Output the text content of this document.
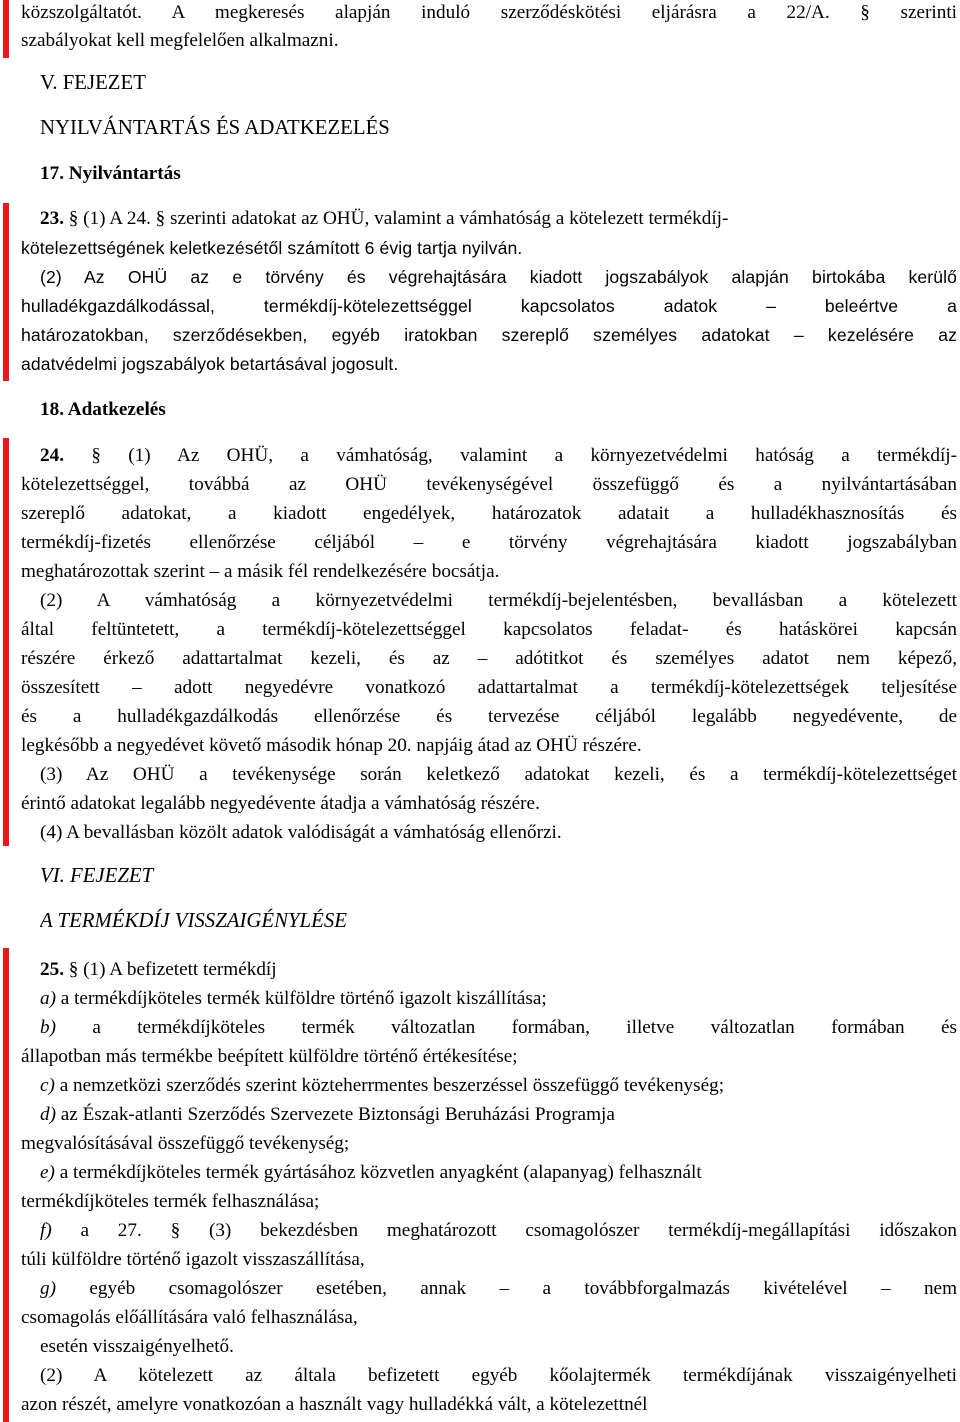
közszolgáltatót. A megkeresés alapján induló szerződéskötési eljárásra a 22/A. § szerinti
szabályokat kell megfelelően alkalmazni.
V. FEJEZET
NYILVÁNTARTÁS ÉS ADATKEZELÉS
17. Nyilvántartás
23. § (1) A 24. § szerinti adatokat az OHÜ, valamint a vámhatóság a kötelezett termékdíj-
kötelezettségének keletkezésétől számított 6 évig tartja nyilván.
(2) Az OHÜ az e törvény és végrehajtására kiadott jogszabályok alapján birtokába kerülő
hulladékgazdálkodással, termékdíj-kötelezettséggel kapcsolatos adatok – beleértve a
határozatokban, szerződésekben, egyéb iratokban szereplő személyes adatokat – kezelésére az
adatvédelmi jogszabályok betartásával jogosult.
18. Adatkezelés
24. § (1) Az OHÜ, a vámhatóság, valamint a környezetvédelmi hatóság a termékdíj-
kötelezettséggel, továbbá az OHÜ tevékenységével összefüggő és a nyilvántartásában
szereplő adatokat, a kiadott engedélyek, határozatok adatait a hulladékhasznosítás és
termékdíj-fizetés ellenőrzése céljából – e törvény végrehajtására kiadott jogszabályban
meghatározottak szerint – a másik fél rendelkezésére bocsátja.
(2) A vámhatóság a környezetvédelmi termékdíj-bejelentésben, bevallásban a kötelezett
által feltüntetett, a termékdíj-kötelezettséggel kapcsolatos feladat- és hatáskörei kapcsán
részére érkező adattartalmat kezeli, és az – adótitkot és személyes adatot nem képező,
összesített – adott negyedévre vonatkozó adattartalmat a termékdíj-kötelezettségek teljesítése
és a hulladékgazdálkodás ellenőrzése és tervezése céljából legalább negyedévente, de
legkésőbb a negyedévet követő második hónap 20. napjáig átad az OHÜ részére.
(3) Az OHÜ a tevékenysége során keletkező adatokat kezeli, és a termékdíj-kötelezettséget
érintő adatokat legalább negyedévente átadja a vámhatóság részére.
(4) A bevallásban közölt adatok valódiságát a vámhatóság ellenőrzi.
VI. FEJEZET
A TERMÉKDÍJ VISSZAIGÉNYLÉSE
25. § (1) A befizetett termékdíj
a) a termékdíjköteles termék külföldre történő igazolt kiszállítása;
b) a termékdíjköteles termék változatlan formában, illetve változatlan formában és
állapotban más termékbe beépített külföldre történő értékesítése;
c) a nemzetközi szerződés szerint közteherrmentes beszerzéssel összefüggő tevékenység;
d) az Észak-atlanti Szerződés Szervezete Biztonsági Beruházási Programja
megvalósításával összefüggő tevékenység;
e) a termékdíjköteles termék gyártásához közvetlen anyagként (alapanyag) felhasznált
termékdíjköteles termék felhasználása;
f) a 27. § (3) bekezdésben meghatározott csomagolószer termékdíj-megállapítási időszakon
túli külföldre történő igazolt visszaszállítása,
g) egyéb csomagolószer esetében, annak – a továbbforgalmazás kivételével – nem
csomagolás előállítására való felhasználása,
esetén visszaigényelhető.
(2) A kötelezett az általa befizetett egyéb kőolajtermék termékdíjának visszaigényelheti
azon részét, amelyre vonatkozóan a használt vagy hulladékká vált, a kötelezettnél
